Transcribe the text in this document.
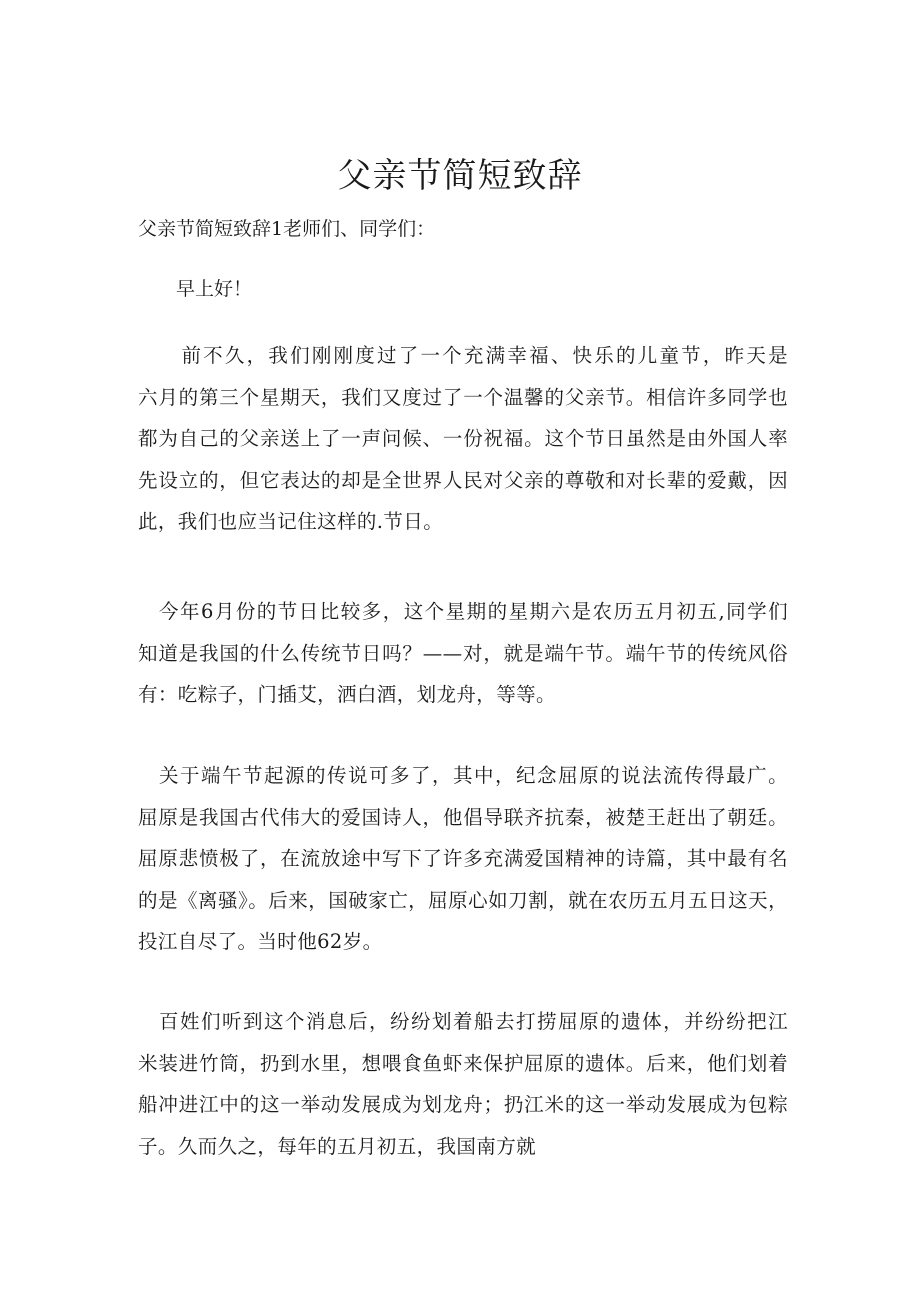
父亲节简短致辞
父亲节简短致辞1老师们、同学们：
早上好！
　　前不久，我们刚刚度过了一个充满幸福、快乐的儿童节，昨天是
六月的第三个星期天，我们又度过了一个温馨的父亲节。相信许多同学也
都为自己的父亲送上了一声问候、一份祝福。这个节日虽然是由外国人率
先设立的，但它表达的却是全世界人民对父亲的尊敬和对长辈的爱戴，因
此，我们也应当记住这样的.节日。
　今年6月份的节日比较多，这个星期的星期六是农历五月初五,同学们
知道是我国的什么传统节日吗？——对，就是端午节。端午节的传统风俗
有：吃粽子，门插艾，洒白酒，划龙舟，等等。
　关于端午节起源的传说可多了，其中，纪念屈原的说法流传得最广。
屈原是我国古代伟大的爱国诗人，他倡导联齐抗秦，被楚王赶出了朝廷。
屈原悲愤极了，在流放途中写下了许多充满爱国精神的诗篇，其中最有名
的是《离骚》。后来，国破家亡，屈原心如刀割，就在农历五月五日这天，
投江自尽了。当时他62岁。
　百姓们听到这个消息后，纷纷划着船去打捞屈原的遗体，并纷纷把江
米装进竹筒，扔到水里，想喂食鱼虾来保护屈原的遗体。后来，他们划着
船冲进江中的这一举动发展成为划龙舟；扔江米的这一举动发展成为包粽
子。久而久之，每年的五月初五，我国南方就
